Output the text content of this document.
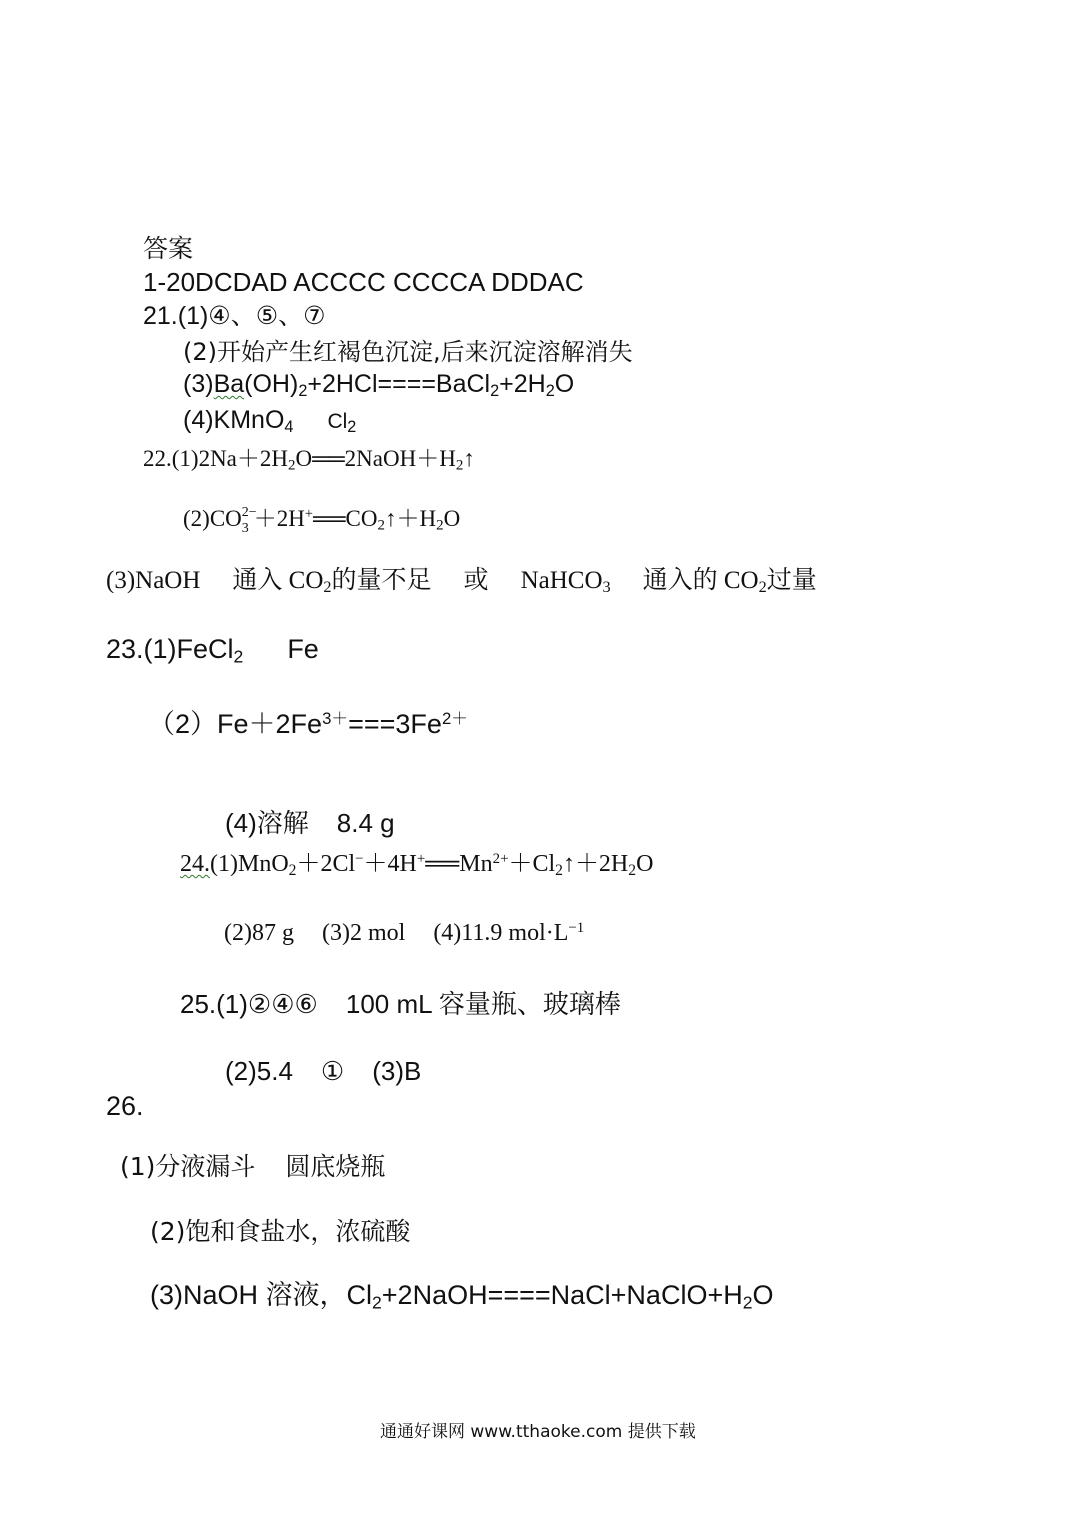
答案
1-20DCDAD ACCCC CCCCA DDDAC
21.(1)④、⑤、⑦
(2)开始产生红褐色沉淀,后来沉淀溶解消失
$(3)Ba(OH)_2+2HCl====BaCl_2+2H_2O$
(4)KMnO$_4$ $Cl_2$
$22.(1)2Na+2H_2O══2NaOH+H_2↑$
(2)CO 2−
$3 +2H^+══CO_2↑+H_2O$
(3)NaOH 通入 $CO_2$的量不足 或 NaHCO$_3$ 通入的 $CO_2$过量
23.(1)FeCl$_2$ Fe
$(2)Fe+2Fe^{3+}===3Fe^{2+}$
(4)溶解 8.4 g
$24.(1)MnO_2+2Cl^-+4H^+══Mn^{2+}+Cl_2↑+2H_2O$
(2)87 g (3)2 mol (4)11.9 $mol\cdot L^{-1}$
25.(1)②④⑥ 100 mL 容量瓶、玻璃棒
(2)5.4 ① (3)B
26.
(1)分液漏斗 圆底烧瓶
(2)饱和食盐水，浓硫酸
(3)NaOH 溶液，$Cl_2+2NaOH====NaCl+NaClO+H_2O$
通通好课网 www.tthaoke.com 提供下载
